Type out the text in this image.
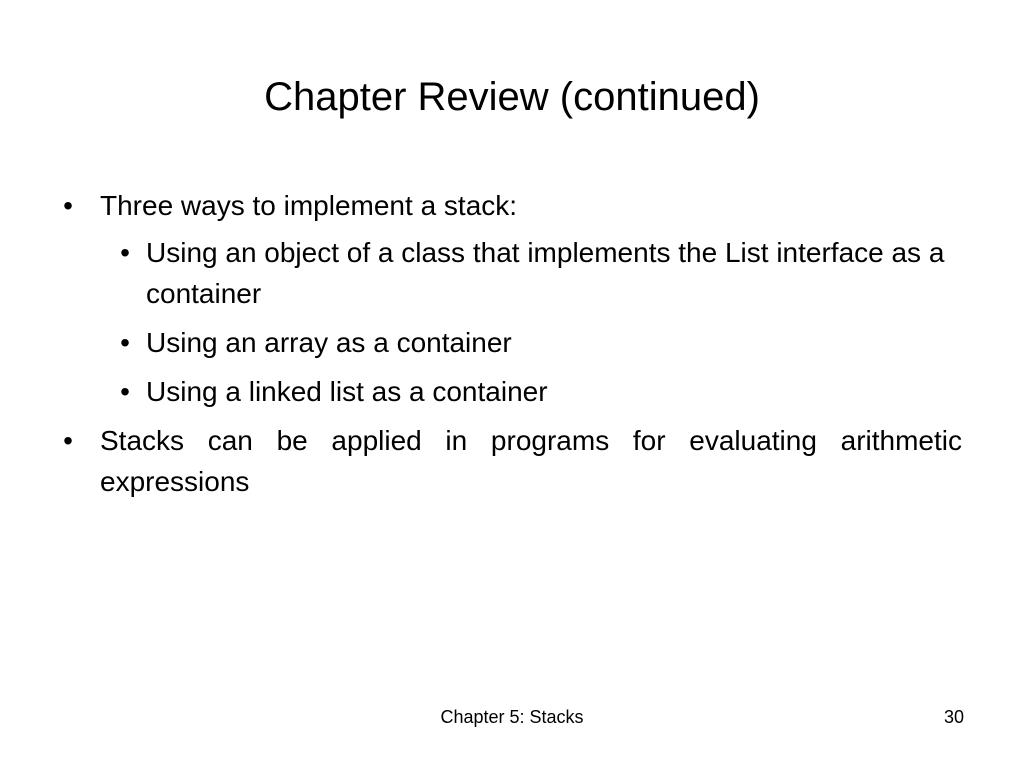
Chapter Review (continued)
• Three ways to implement a stack:
• Using an object of a class that implements the List interface as a container
• Using an array as a container
• Using a linked list as a container
• Stacks can be applied in programs for evaluating arithmetic expressions
Chapter 5: Stacks	30
